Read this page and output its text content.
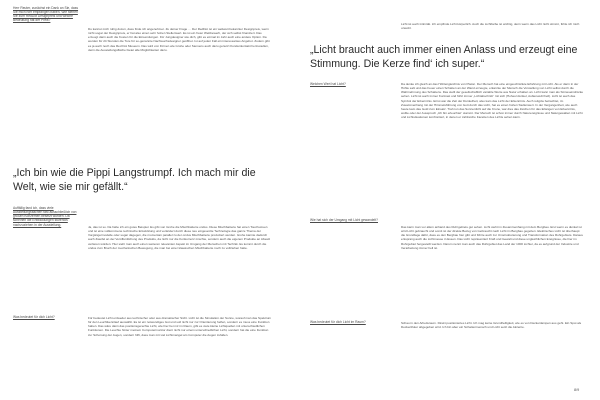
Herr Reuter, zunächst ein Dank an Sie, dass Sie mich hier empfangen haben. Wie stehen Sie zum RedDot Designpreis und welche Bedeutung hat der Preis?
Du kannst mich ruhig duzen, dass finde ich angenehmer. Zu deiner Frage … Der RedDot ist ein weltweit bekannter Designpreis, wenn nicht sogar der Designpreis, er hat also einen sehr hohen Stellenwert. Es ist ein freier Wettbewerb, der sich selbst finanziert. Das erzeugt dann auch die Kosten für die Einsendungen. Für Jungdesigner wie dich, gibt es einmal im Jahr auch eine andere Option. Da werden für 24 Stunden die Tore für so-genannte Nachwuchsdesigner geöffnet. Ist auf jeden Fall ein interessantes Angebot. Zudem gibt es ja auch noch das Red Dot Museum. Das wird von Firmen wie Grohe oder Siemens auch dazu genutzt Kundenkontakt herzustellen, denn die Ausstellungsfläche bietet alle Möglichkeiten dazu.
„Ich bin wie die Pippi Langstrumpf. Ich mach mir die Welt, wie sie mir gefällt.“
Auffällig fand ich, dass viele Ausstellungsflächen fast ausschließlich von großen Konzernen besetzt wurden. Da scheinen die Entwicklungen stufenlos nachzuziehen in der Ausstellung.
Ja, das ist so. Da habe ich ein gutes Beispiel. Es gibt von Grohe die Mischbatterie ondus. Diese Mischbatterie hat einen Touchscreen und ist eine vollkommene technische Entwicklung und verändert durch diese neu eingesetzte Technologie das ganze Thema der Vorgängermodelle oder sogar dagegen, die momentan parallel zu der ondus Mischbatterie produziert werden. Grohe kannte dadurch auch Zweifel an der Veröffentlichung des Produkts, da nicht nur die Konkurrenz mischte, sondern auch die eigenen Produkte an Absatz verlieren würden. Hier sieht man auch einen weiteren relevanten Aspekt im Umgang der Menschen mit Technik. Es kommt durch die ondus zum Bruch der mechanischen Bewegung, die man bei einer klassischen Mischbatterie noch zu vollziehen hatte.
Was bedeutet für dich Licht?	Für bedeutet Licht entweder aus technischer oder aus dramatischer Sicht. Licht ist die Simulation der Sonne, worauf man das Spektrum für den Leuchtkennlauf auswählt. Es ist ein notwendiges Gut und soll nicht nur zur Orientierung helfen, sondern es muss eine Funktion haben. Das wäre dann das positionsgerechte Licht, wie hier bei mir im Raum, gibt es viele kleine Lichtquellen mit unterschiedlichen Funktionen. Die Leuchte hinter meinem Computermonitor dient nicht nur einem unterschiedlichen Licht, sondern hat die eine Funktion zur Schonung der Augen, sondern hilft, dass man mit viel Lichtmangel am Computer die Augen zufallen.
Licht ist auch intimität. Ich empfinde Licht körperlich. Auch die Lichtfarbe ist wichtig, denn wenn das Licht nicht stimmt, fühle ich mich unwohl.
„Licht braucht auch immer einen Anlass und erzeugt eine Stimmung. Die Kerze find‘ ich super.“
Welchen Wert hat Licht?	Da denke ich gleich an das Höhlengleichnis von Platon. Der Mensch hat eine eingeschränkte Erfahrung mit Licht. Als er dann in der Höhle saß und das Feuer einen Schatten an der Wand erzeugte, erkannte der Mensch die Vorstellung von Licht selbst durch die Wahrnehmung des Schattens. Das stellt der gesellschaftlich variable Werte aus Natur erhalten an. Licht kann man als Sinneseindrücke sehen. Licht ist auch immer Kontrast und führt immer „Lichtabschnitt“ mit sich (Hohes=dunkel, Außenwelt=hell). Licht ist auch das Symbol der Erkenntnis. Ernst war die Zeit der Dunkelheit, also kam das Licht der Erkenntnis. Auch religiös betrachtet, im Zusammenhang mit der Himmelsführung von Gott durch das Licht, hat es einen hohen Stellenwert. In der Vergangenheit, wie auch heute kam das Gold zum Einsatz. Traf nun das Sonnenlicht auf die Krone, war dies das Zeichen für das Erlangen von Erkenntnis, wollte oder der Ausspruch „Ich bin erleuchtet“ stammt. Der Mensch ist schon immer durch Naturereignisse und Naturgewalten mit Licht und Lichtsituationen konfrontiert, in denen er zahlreiche Facetten des Lichts sehen kann.
Wie hat sich der Umgang mit Licht gewandelt?
Das kann man vor allem anhand des Ruhrgebiets gut sehen. Licht steht im Zusammenhang mit dem Bergbau. Erst wenn es dunkel ist wird Licht gebraucht und somit ist der direkte Bezug von Gebraucht nach Licht im Bergbau gegeben. Elektrisches Licht ist überhaupt die Grundlage dafür, dass es den Bergbau hier gibt und führte auch zur Umstrukturierung und Transformation des Ruhrgebiets. Daraus entsprang auch die Lichtmesse in Essen. Das Licht repräsentiert Kraft und Gewalt und diese ungleichlichen Ereignisse, die hier im Ruhrgebiet hergestellt werden. Darum nennt man auch das Ruhrgebiet das Land der 1000 Lichter, da es aufgrund der Industrie und Verarbeitung immer hell ist.
Was bedeutet für dich Licht im Raum?	Schau in den Arbeitsraum. Direkt positioniertes Licht. Ich mag keine Grundhelligkeit, wie es von Deckenlampen aus geht. Ein Spot als Deckenfluter abgegeben wird. Ich bin aber ein Schattenmensch und Licht setzt die Akzente.
8/9
